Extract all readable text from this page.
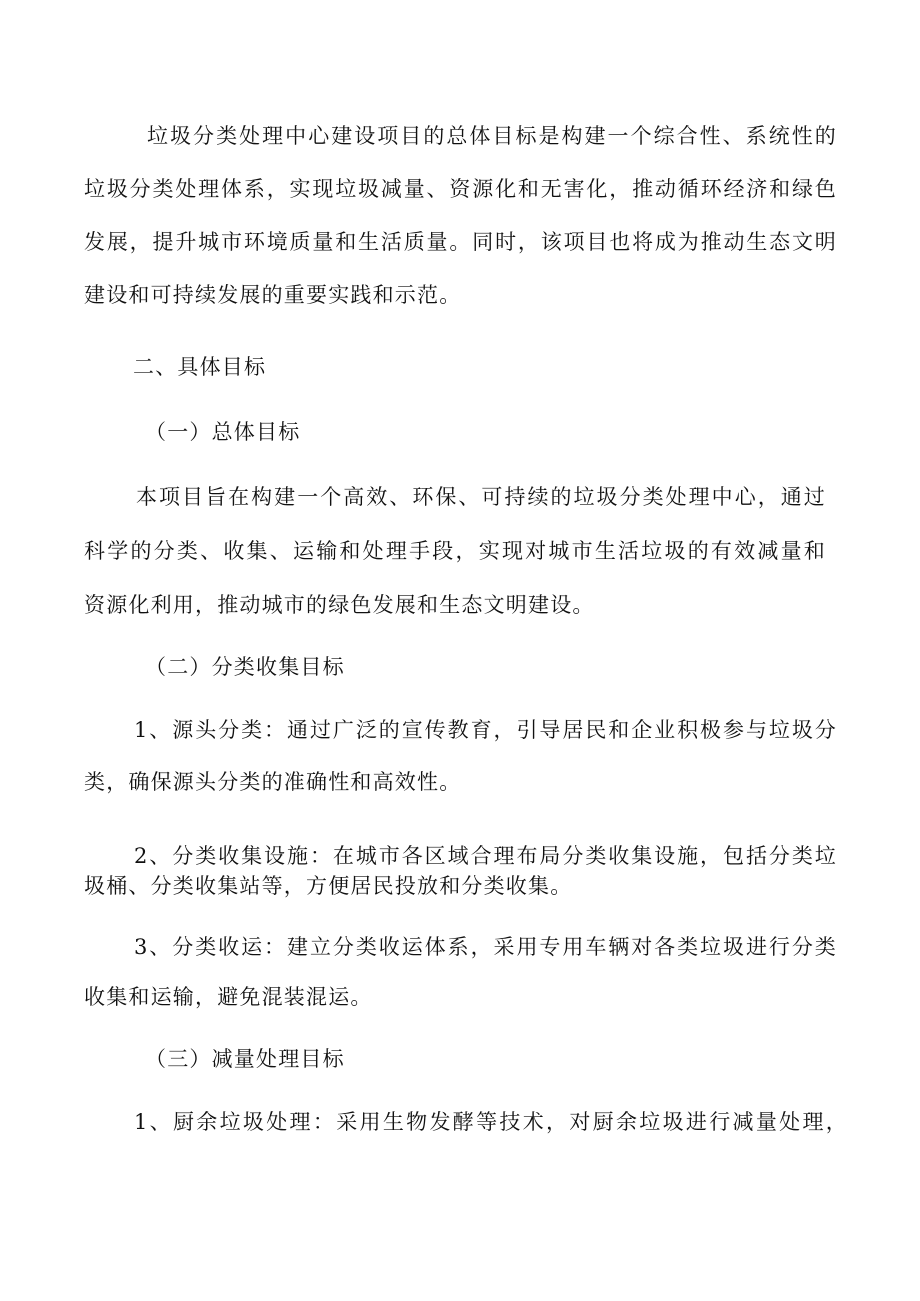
垃圾分类处理中心建设项目的总体目标是构建一个综合性、系统性的
垃圾分类处理体系，实现垃圾减量、资源化和无害化，推动循环经济和绿色
发展，提升城市环境质量和生活质量。同时，该项目也将成为推动生态文明
建设和可持续发展的重要实践和示范。
二、具体目标
（一）总体目标
本项目旨在构建一个高效、环保、可持续的垃圾分类处理中心，通过
科学的分类、收集、运输和处理手段，实现对城市生活垃圾的有效减量和
资源化利用，推动城市的绿色发展和生态文明建设。
（二）分类收集目标
1、源头分类：通过广泛的宣传教育，引导居民和企业积极参与垃圾分
类，确保源头分类的准确性和高效性。
2、分类收集设施：在城市各区域合理布局分类收集设施，包括分类垃
圾桶、分类收集站等，方便居民投放和分类收集。
3、分类收运：建立分类收运体系，采用专用车辆对各类垃圾进行分类
收集和运输，避免混装混运。
（三）减量处理目标
1、厨余垃圾处理：采用生物发酵等技术，对厨余垃圾进行减量处理，
